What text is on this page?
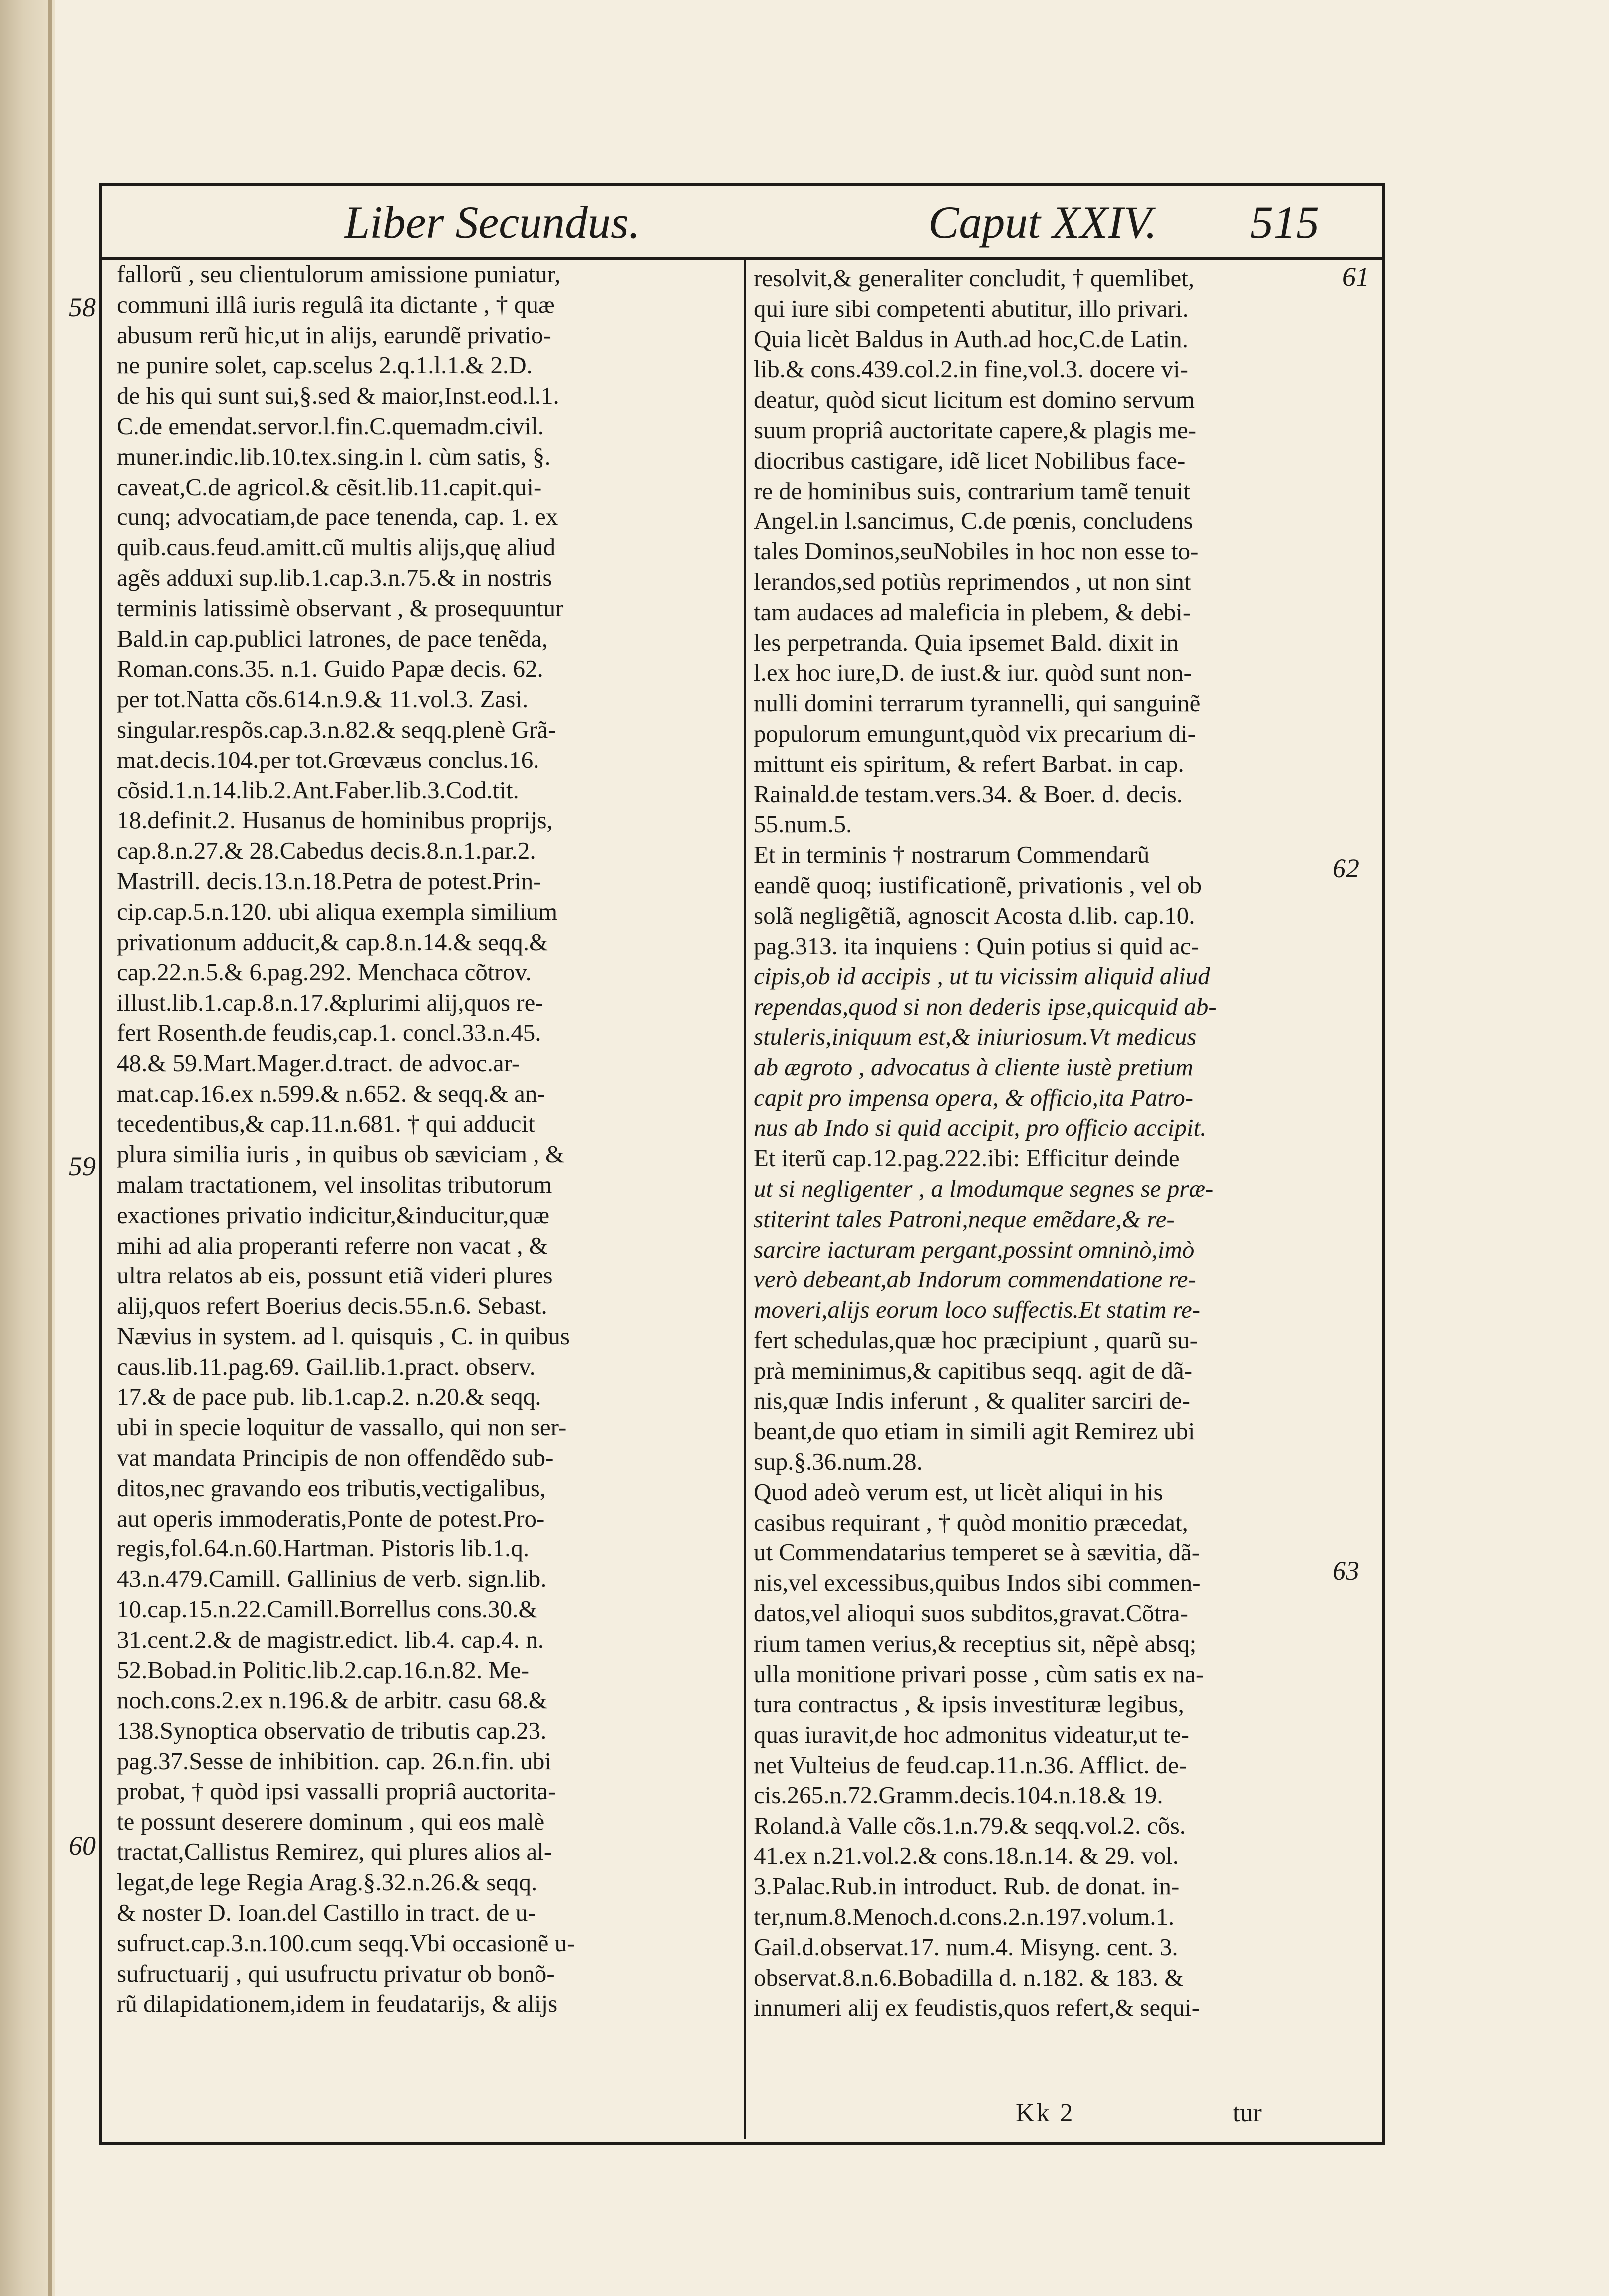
Liber Secundus.	Caput XXIV. 515
fallorũ , seu clientulorum amissione puniatur,
communi illâ iuris regulâ ita dictante , † quæ
abusum rerũ hic,ut in alijs, earundẽ privatio-
ne punire solet, cap.scelus 2.q.1.l.1.& 2.D.
de his qui sunt sui,§.sed & maior,Inst.eod.l.1.
C.de emendat.servor.l.fin.C.quemadm.civil.
muner.indic.lib.10.tex.sing.in l. cùm satis, §.
caveat,C.de agricol.& cẽsit.lib.11.capit.qui-
cunq; advocatiam,de pace tenenda, cap. 1. ex
quib.caus.feud.amitt.cũ multis alijs,quę aliud
agẽs adduxi sup.lib.1.cap.3.n.75.& in nostris
terminis latissimè observant , & prosequuntur
Bald.in cap.publici latrones, de pace tenẽda,
Roman.cons.35. n.1. Guido Papæ decis. 62.
per tot.Natta cõs.614.n.9.& 11.vol.3. Zasi.
singular.respõs.cap.3.n.82.& seqq.plenè Grã-
mat.decis.104.per tot.Grœvæus conclus.16.
cõsid.1.n.14.lib.2.Ant.Faber.lib.3.Cod.tit.
18.definit.2. Husanus de hominibus proprijs,
cap.8.n.27.& 28.Cabedus decis.8.n.1.par.2.
Mastrill. decis.13.n.18.Petra de potest.Prin-
cip.cap.5.n.120. ubi aliqua exempla similium
privationum adducit,& cap.8.n.14.& seqq.&
cap.22.n.5.& 6.pag.292. Menchaca cõtrov.
illust.lib.1.cap.8.n.17.&plurimi alij,quos re-
fert Rosenth.de feudis,cap.1. concl.33.n.45.
48.& 59.Mart.Mager.d.tract. de advoc.ar-
mat.cap.16.ex n.599.& n.652. & seqq.& an-
tecedentibus,& cap.11.n.681. † qui adducit
plura similia iuris , in quibus ob sæviciam , &
malam tractationem, vel insolitas tributorum
exactiones privatio indicitur,&inducitur,quæ
mihi ad alia properanti referre non vacat , &
ultra relatos ab eis, possunt etiã videri plures
alij,quos refert Boerius decis.55.n.6. Sebast.
Nævius in system. ad l. quisquis , C. in quibus
caus.lib.11.pag.69. Gail.lib.1.pract. observ.
17.& de pace pub. lib.1.cap.2. n.20.& seqq.
ubi in specie loquitur de vassallo, qui non ser-
vat mandata Principis de non offendẽdo sub-
ditos,nec gravando eos tributis,vectigalibus,
aut operis immoderatis,Ponte de potest.Pro-
regis,fol.64.n.60.Hartman. Pistoris lib.1.q.
43.n.479.Camill. Gallinius de verb. sign.lib.
10.cap.15.n.22.Camill.Borrellus cons.30.&
31.cent.2.& de magistr.edict. lib.4. cap.4. n.
52.Bobad.in Politic.lib.2.cap.16.n.82. Me-
noch.cons.2.ex n.196.& de arbitr. casu 68.&
138.Synoptica observatio de tributis cap.23.
pag.37.Sesse de inhibition. cap. 26.n.fin. ubi
probat, † quòd ipsi vassalli propriâ auctorita-
te possunt deserere dominum , qui eos malè
tractat,Callistus Remirez, qui plures alios al-
legat,de lege Regia Arag.§.32.n.26.& seqq.
& noster D. Ioan.del Castillo in tract. de u-
sufruct.cap.3.n.100.cum seqq.Vbi occasionẽ u-
sufructuarij , qui usufructu privatur ob bonõ-
rũ dilapidationem,idem in feudatarijs, & alijs
resolvit,& generaliter concludit, † quemlibet,
qui iure sibi competenti abutitur, illo privari.
Quia licèt Baldus in Auth.ad hoc,C.de Latin.
lib.& cons.439.col.2.in fine,vol.3. docere vi-
deatur, quòd sicut licitum est domino servum
suum propriâ auctoritate capere,& plagis me-
diocribus castigare, idẽ licet Nobilibus face-
re de hominibus suis, contrarium tamẽ tenuit
Angel.in l.sancimus, C.de pœnis, concludens
tales Dominos,seuNobiles in hoc non esse to-
lerandos,sed potiùs reprimendos , ut non sint
tam audaces ad maleficia in plebem, & debi-
les perpetranda. Quia ipsemet Bald. dixit in
l.ex hoc iure,D. de iust.& iur. quòd sunt non-
nulli domini terrarum tyrannelli, qui sanguinẽ
populorum emungunt,quòd vix precarium di-
mittunt eis spiritum, & refert Barbat. in cap.
Rainald.de testam.vers.34. & Boer. d. decis.
55.num.5.
Et in terminis † nostrarum Commendarũ
eandẽ quoq; iustificationẽ, privationis , vel ob
solã negligẽtiã, agnoscit Acosta d.lib. cap.10.
pag.313. ita inquiens : Quin potius si quid ac-
cipis,ob id accipis , ut tu vicissim aliquid aliud
rependas,quod si non dederis ipse,quicquid ab-
stuleris,iniquum est,& iniuriosum.Vt medicus
ab ægroto , advocatus à cliente iustè pretium
capit pro impensa opera, & officio,ita Patro-
nus ab Indo si quid accipit, pro officio accipit.
Et iterũ cap.12.pag.222.ibi: Efficitur deinde
ut si negligenter , a lmodumque segnes se præ-
stiterint tales Patroni,neque emẽdare,& re-
sarcire iacturam pergant,possint omninò,imò
verò debeant,ab Indorum commendatione re-
moveri,alijs eorum loco suffectis.Et statim re-
fert schedulas,quæ hoc præcipiunt , quarũ su-
prà meminimus,& capitibus seqq. agit de dã-
nis,quæ Indis inferunt , & qualiter sarciri de-
beant,de quo etiam in simili agit Remirez ubi
sup.§.36.num.28.
Quod adeò verum est, ut licèt aliqui in his
casibus requirant , † quòd monitio præcedat,
ut Commendatarius temperet se à sævitia, dã-
nis,vel excessibus,quibus Indos sibi commen-
datos,vel alioqui suos subditos,gravat.Cõtra-
rium tamen verius,& receptius sit, nẽpè absq;
ulla monitione privari posse , cùm satis ex na-
tura contractus , & ipsis investituræ legibus,
quas iuravit,de hoc admonitus videatur,ut te-
net Vulteius de feud.cap.11.n.36. Afflict. de-
cis.265.n.72.Gramm.decis.104.n.18.& 19.
Roland.à Valle cõs.1.n.79.& seqq.vol.2. cõs.
41.ex n.21.vol.2.& cons.18.n.14. & 29. vol.
3.Palac.Rub.in introduct. Rub. de donat. in-
ter,num.8.Menoch.d.cons.2.n.197.volum.1.
Gail.d.observat.17. num.4. Misyng. cent. 3.
observat.8.n.6.Bobadilla d. n.182. & 183. &
innumeri alij ex feudistis,quos refert,& sequi-
58
59
60
61
62
63
Kk 2	tur
